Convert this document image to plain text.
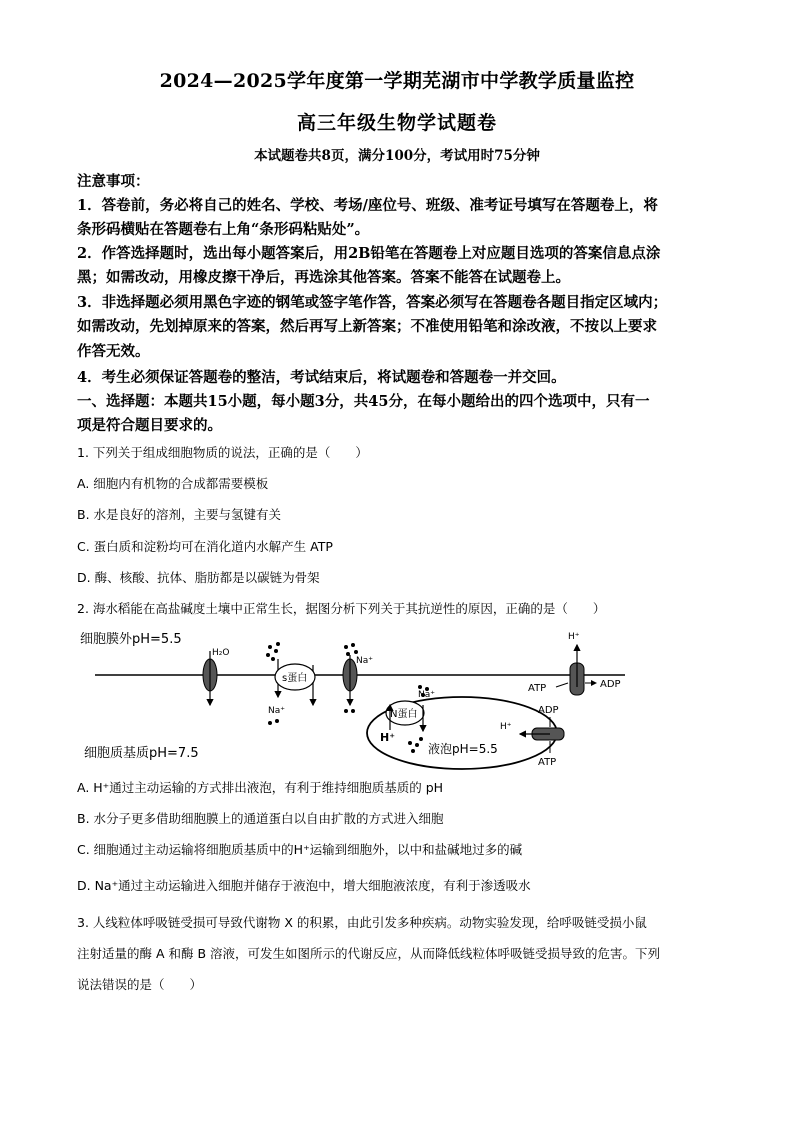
2024—2025学年度第一学期芜湖市中学教学质量监控
高三年级生物学试题卷
本试题卷共8页，满分100分，考试用时75分钟
注意事项：
1．答卷前，务必将自己的姓名、学校、考场/座位号、班级、准考证号填写在答题卷上，将
条形码横贴在答题卷右上角“条形码粘贴处”。
2．作答选择题时，选出每小题答案后，用2B铅笔在答题卷上对应题目选项的答案信息点涂
黑；如需改动，用橡皮擦干净后，再选涂其他答案。答案不能答在试题卷上。
3．非选择题必须用黑色字迹的钢笔或签字笔作答，答案必须写在答题卷各题目指定区域内；
如需改动，先划掉原来的答案，然后再写上新答案；不准使用铅笔和涂改液，不按以上要求
作答无效。
4．考生必须保证答题卷的整洁，考试结束后，将试题卷和答题卷一并交回。
一、选择题：本题共15小题，每小题3分，共45分，在每小题给出的四个选项中，只有一
项是符合题目要求的。
1. 下列关于组成细胞物质的说法，正确的是（　　）
A. 细胞内有机物的合成都需要模板
B. 水是良好的溶剂，主要与氢键有关
C. 蛋白质和淀粉均可在消化道内水解产生 ATP
D. 酶、核酸、抗体、脂肪都是以碳链为骨架
2. 海水稻能在高盐碱度土壤中正常生长，据图分析下列关于其抗逆性的原因，正确的是（　　）
细胞膜外pH=5.5
细胞质基质pH=7.5
H₂O
s蛋白
Na⁺
Na⁺
液泡pH=5.5
Na⁺
N蛋白
H⁺
H⁺
ATP	ADP
H⁺
ADP
ATP
A. H⁺通过主动运输的方式排出液泡，有利于维持细胞质基质的 pH
B. 水分子更多借助细胞膜上的通道蛋白以自由扩散的方式进入细胞
C. 细胞通过主动运输将细胞质基质中的H⁺运输到细胞外，以中和盐碱地过多的碱
D. Na⁺通过主动运输进入细胞并储存于液泡中，增大细胞液浓度，有利于渗透吸水
3. 人线粒体呼吸链受损可导致代谢物 X 的积累，由此引发多种疾病。动物实验发现，给呼吸链受损小鼠
注射适量的酶 A 和酶 B 溶液，可发生如图所示的代谢反应，从而降低线粒体呼吸链受损导致的危害。下列
说法错误的是（　　）
